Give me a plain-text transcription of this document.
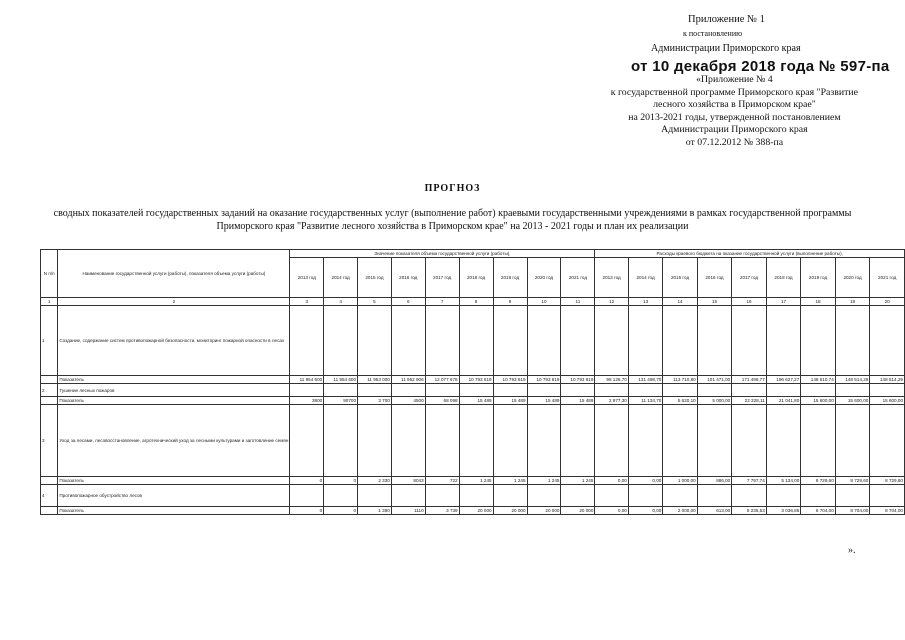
Приложение № 1
к постановлению
Администрации Приморского края
от 10 декабря 2018 года № 597-па
«Приложение № 4
к государственной программе Приморского края "Развитие
лесного хозяйства в Приморском крае"
на 2013-2021 годы, утвержденной постановлением
Администрации Приморского края
от 07.12.2012 № 388-па
ПРОГНОЗ
сводных показателей государственных заданий на оказание государственных услуг (выполнение работ) краевыми государственными учреждениями в рамках государственной программы
Приморского края "Развитие лесного хозяйства в Приморском крае" на 2013 - 2021 годы и план их реализации
N п/п	Наименование государственной услуги (работы), показателя объема услуги (работы)	Значение показателя объема государственной услуги (работы),									Расходы краевого бюджета на оказание государственной услуги (выполнение работы),								
		2013 год	2014 год	2015 год	2016 год	2017 год	2018 год	2019 год	2020 год	2021 год	2013 год	2014 год	2015 год	2016 год	2017 год	2018 год	2019 год	2020 год	2021 год
1	2	3	4	5	6	7	8	9	10	11	12	13	14	15	16	17	18	19	20
1	Создание, содержание систем противопожарной безопасности, мониторинг пожарной опасности в лесах																		
	Показатель	11 954 600	11 954 600	11 953 000	11 952 906	12 077 678	10 793 619	10 793 619	10 793 619	10 793 619	98 126,70	131 498,70	113 710,80	101 471,00	171 499,77	196 627,27	148 510,74	148 514,29	148 514,29
2	Тушение лесных пожаров																		
	Показатель	3800	90700	3 700	4500	68 098	15 489	15 489	15 489	15 489	2 977,30	11 134,70	5 620,10	5 000,00	22 328,11	21 041,80	15 600,00	15 600,00	15 600,00
3	Уход за лесами, лесовосстановление, агротехнический уход за лесными культурами и заготовление семян																		
	Показатель	0	0	2 330	8043	722	1 245	1 245	1 245	1 245	0,00	0,00	1 000,00	886,00	7 797,74	5 134,00	8 729,60	8 729,60	8 729,60
4	Противопожарное обустройство лесов																		
	Показатель	0	0	1 390	1110	3 739	20 000	20 000	20 000	20 000	0,00	0,00	2 000,00	613,00	8 235,53	3 036,85	8 704,00	8 704,00	8 704,00
».
